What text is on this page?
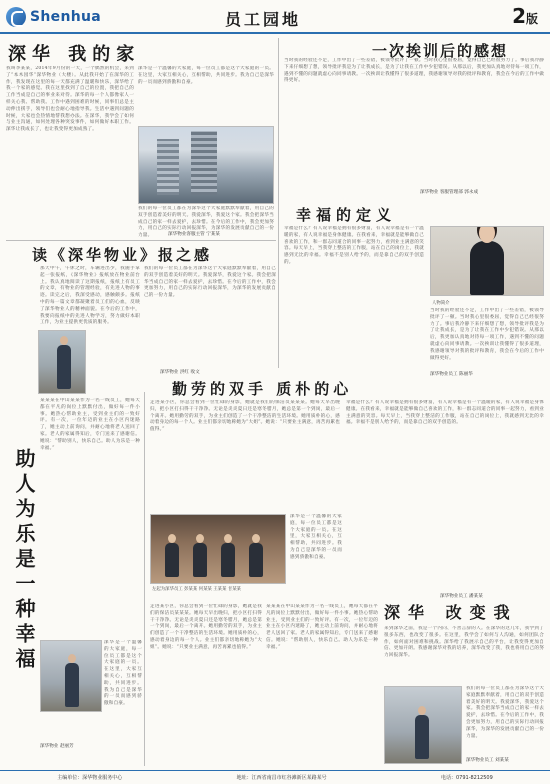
Shenhua	员工园地	2版
深华 我的家
我叫李某某，2014年9月份的一天，一个偶然的机会，来到了“本木园华”深华物业（大楼）。从此我开始了在深华的工作，我发现在这里的每一天都充满了温暖和快乐，深华给了我一个家的感觉。我在这里找到了自己的位置，我把自己的工作当成是自己的事业来对待。深华的每一个人都像家人一样关心我、帮助我。工作中遇到困难的时候，同事们总是主动伸出援手，领导们也会耐心地指导我。生活中遇到问题的时候，大家也会热情地帮我想办法。在深华，我学会了如何与业主沟通，如何处理各种突发事件，如何做好本职工作。深华让我成长了，也让我变得更加成熟了。
深华是一个温馨的大家庭，每一位员工都是这个大家庭的一员。在这里，大家互相关心，互相帮助，共同进步。我为自己是深华的一员而感到骄傲和自豪。
我们的每一位员工都在为深华这个大家庭默默奉献着，用自己的双手创造着美好的明天。我爱深华，我爱这个家。我会把深华当成自己的家一样去爱护，去珍惜。在今后的工作中，我会更加努力，用自己的实际行动回报深华，为深华的发展贡献自己的一份力量。	深华物业客服主管 宁某某
一次挨训后的感想
当时我的经验还不足，工作中出了一些差错，被领导批评了一顿。当时我心里很委屈，觉得自己已经很努力了。事后我冷静下来仔细想了想，领导批评我是为了让我成长，是为了让我在工作中少犯错误。从那以后，我更加认真地对待每一项工作，遇到不懂的问题就虚心向同事请教。一次挨训让我懂得了很多道理，我感谢领导对我的批评和教育，我会在今后的工作中做得更好。
深华物业 客服管理部 郭永成
读《深华物业》报之感
那天中午，午休之时，车辆进出少，我随手拿起一张报纸，《深华物业》报纸放在物业前台上。我认真地阅读了这期报纸，报纸上有员工的文章，有物业的管理经验，有先进人物的事迹。读完之后，我深受感动，感触颇多。报纸中的每一篇文章都凝聚着员工们的心血，反映了深华物业人的精神面貌。在今后的工作中，我要向报纸中的先进人物学习，努力做好本职工作，为业主提供更优质的服务。
我们的每一位员工都在为深华这个大家庭默默奉献着，用自己的双手创造着美好的明天。我爱深华，我爱这个家。我会把深华当成自己的家一样去爱护，去珍惜。在今后的工作中，我会更加努力，用自己的实际行动回报深华，为深华的发展贡献自己的一份力量。
深华物业 洪红 收文
幸福的定义
幸福是什么？有人说幸福是拥有很多财富，有人说幸福是有一个温暖的家，有人说幸福是身体健康。在我看来，幸福就是能够做自己喜欢的工作，和一群志同道合的同事一起努力，看到业主满意的笑容。每天早上，当我穿上整洁的工作服，站在自己的岗位上，我就感到无比的幸福。幸福不是别人给予的，而是靠自己的双手创造的。
人物简介
当时我的经验还不足，工作中出了一些差错，被领导批评了一顿。当时我心里很委屈，觉得自己已经很努力了。事后我冷静下来仔细想了想，领导批评我是为了让我成长，是为了让我在工作中少犯错误。从那以后，我更加认真地对待每一项工作，遇到不懂的问题就虚心向同事请教。一次挨训让我懂得了很多道理，我感谢领导对我的批评和教育，我会在今后的工作中做得更好。
深华物业员工 陈丽华
助人为乐是一种幸福
某某某在中山某某作为一名一线员工，她每天都在平凡的岗位上默默付出，做好每一件小事。她热心帮助业主，受到业主们的一致好评。有一次，一位年迈的业主在小区内迷路了，她主动上前询问，并耐心地将老人送回了家。老人的家属得知后，专门送来了感谢信。她说：“帮助别人，快乐自己。助人为乐是一种幸福。”
深华是一个温馨的大家庭，每一位员工都是这个大家庭的一员。在这里，大家互相关心，互相帮助，共同进步。我为自己是深华的一员而感到骄傲和自豪。
深华物业 赵丽芳
勤劳的双手 质朴的心
走进某小区，你总会看到一位忙碌的身影，她就是我们的保洁员某某某。她每天早出晚归，把小区打扫得干干净净。无论是炎炎夏日还是寒冬腊月，她总是第一个到岗，最后一个离开。她用勤劳的双手，为业主们创造了一个干净整洁的生活环境。她用质朴的心，感动着身边的每一个人。业主们都亲切地称她为“大姐”。她说：“只要业主满意，再苦再累也值得。”
幸福是什么？有人说幸福是拥有很多财富，有人说幸福是有一个温暖的家，有人说幸福是身体健康。在我看来，幸福就是能够做自己喜欢的工作，和一群志同道合的同事一起努力，看到业主满意的笑容。每天早上，当我穿上整洁的工作服，站在自己的岗位上，我就感到无比的幸福。幸福不是别人给予的，而是靠自己的双手创造的。
左起为深华员工 彭某某 何某某 王某某 甘某某
深华是一个温馨的大家庭，每一位员工都是这个大家庭的一员。在这里，大家互相关心，互相帮助，共同进步。我为自己是深华的一员而感到骄傲和自豪。
深华物业员工 潘某某
走进某小区，你总会看到一位忙碌的身影，她就是我们的保洁员某某某。她每天早出晚归，把小区打扫得干干净净。无论是炎炎夏日还是寒冬腊月，她总是第一个到岗，最后一个离开。她用勤劳的双手，为业主们创造了一个干净整洁的生活环境。她用质朴的心，感动着身边的每一个人。业主们都亲切地称她为“大姐”。她说：“只要业主满意，再苦再累也值得。”
某某某在中山某某作为一名一线员工，她每天都在平凡的岗位上默默付出，做好每一件小事。她热心帮助业主，受到业主们的一致好评。有一次，一位年迈的业主在小区内迷路了，她主动上前询问，并耐心地将老人送回了家。老人的家属得知后，专门送来了感谢信。她说：“帮助别人，快乐自己。助人为乐是一种幸福。”
深华 改变我
来到深华之前，我是一个内向、不善言辞的人。在深华的这几年，我学到了很多东西，也改变了很多。在这里，我学会了如何与人沟通，如何团队合作，如何面对困难和挑战。深华给了我展示自己的平台，让我变得更加自信、更加开朗。我感谢深华对我的培养，深华改变了我，我也将用自己的努力回报深华。
我们的每一位员工都在为深华这个大家庭默默奉献着，用自己的双手创造着美好的明天。我爱深华，我爱这个家。我会把深华当成自己的家一样去爱护，去珍惜。在今后的工作中，我会更加努力，用自己的实际行动回报深华，为深华的发展贡献自己的一份力量。
深华物业员工 刘某某
主编单位：深华物业服务中心	地址：江西省南昌市红谷滩新区某路某号	电话：0791-8212509
